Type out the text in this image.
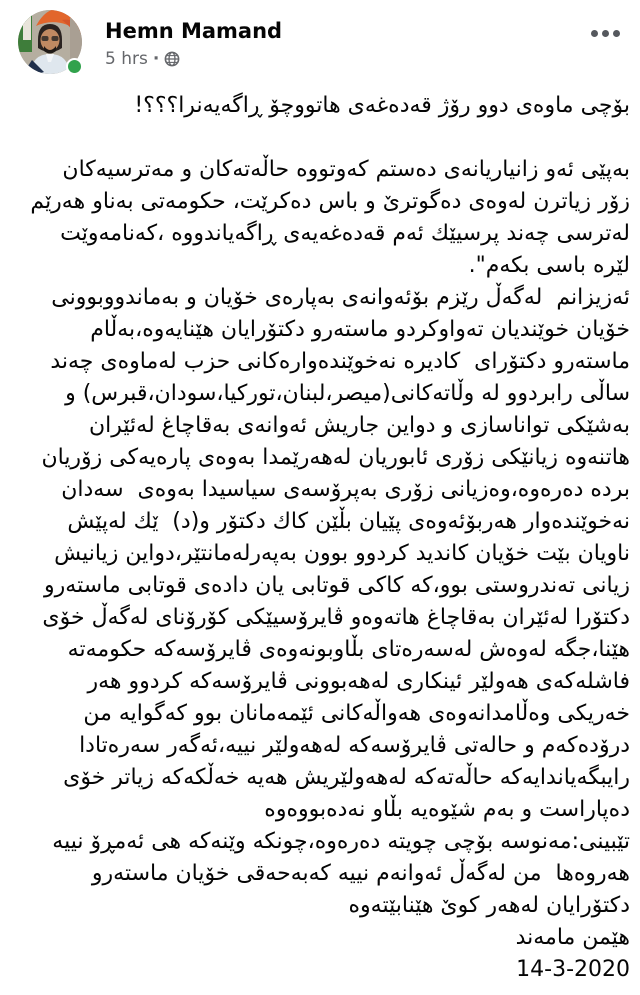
Hemn Mamand
5 hrs ·
بۆچی ماوەی دوو رۆژ قەدەغەی هاتووچۆ ڕاگەیەنرا؟؟؟!
بەپێی ئەو زانیاریانەی دەستم کەوتووە حاڵەتەکان و مەترسیەکان
زۆر زیاترن لەوەی دەگوترێ و باس دەکرێت، حکومەتی بەناو هەرێم
لەترسی چەند پرسیێك ئەم قەدەغەیەی ڕاگەیاندووە ،کەنامەوێت
لێرە باسی بکەم".
ئەزیزانم  لەگەڵ رێزم بۆئەوانەی بەپارەی خۆیان و بەماندووبوونی
خۆیان خوێندیان تەواوکردو ماستەرو دکتۆرایان هێنایەوە،بەڵام
ماستەرو دکتۆرای  کادیرە نەخوێندەوارەکانی حزب لەماوەی چەند
ساڵی رابردوو لە وڵاتەکانی(میصر،لبنان،تورکیا،سودان،قبرس) و
بەشێکی تواناسازی و دواین جاریش ئەوانەی بەقاچاغ لەئێران
هاتنەوە زیانێکی زۆری ئابوریان لەهەرێمدا بەوەی پارەیەکی زۆریان
بردە دەرەوە،وەزیانی زۆری بەپرۆسەی سیاسیدا بەوەی  سەدان
نەخوێندەوار هەربۆئەوەی پێیان بڵێن کاك دکتۆر و(د)  ێك لەپێش
ناویان بێت خۆیان کاندید کردوو بوون بەپەرلەمانتێر،دواین زیانیش
زیانی تەندروستی بوو،کە کاکی قوتابی یان دادەی قوتابی ماستەرو
دکتۆرا لەئێران بەقاچاغ هاتەوەو ڤایرۆسیێکی کۆرۆنای لەگەڵ خۆی
هێنا،جگە لەوەش لەسەرەتای بڵاوبونەوەی ڤایرۆسەکە حکومەتە
فاشلەکەی هەولێر ئینکاری لەهەبوونی ڤایرۆسەکە کردوو هەر
خەریکی وەڵامدانەوەی هەواڵەکانی ئێمەمانان بوو کەگوایە من
درۆدەکەم و حالەتی ڤایرۆسەکە لەهەولێر نییە،ئەگەر سەرەتادا
رایبگەیاندایەکە حاڵەتەکە لەهەولێریش هەیە خەڵکەکە زیاتر خۆی
دەپاراست و بەم شێوەیە بڵاو نەدەبووەوە
تێبینی:مەنوسە بۆچی چویتە دەرەوە،چونکە وێنەکە هی ئەمڕۆ نییە
هەروەها  من لەگەڵ ئەوانەم نییە کەبەحەقی خۆیان ماستەرو
دکتۆرایان لەهەر کوێ هێنابێتەوە
هێمن مامەند
14-3-2020
